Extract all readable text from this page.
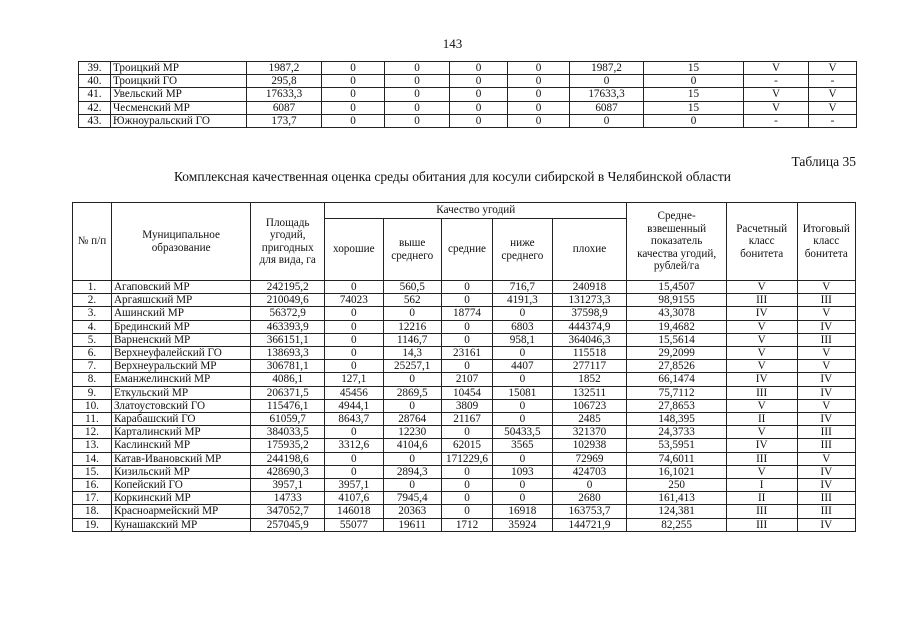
143
39.	Троицкий МР	1987,2	0	0	0	0	1987,2	15	V	V
40.	Троицкий ГО	295,8	0	0	0	0	0	0	-	-
41.	Увельский МР	17633,3	0	0	0	0	17633,3	15	V	V
42.	Чесменский МР	6087	0	0	0	0	6087	15	V	V
43.	Южноуральский ГО	173,7	0	0	0	0	0	0	-	-
Таблица 35
Комплексная качественная оценка среды обитания для косули сибирской в Челябинской области
№ п/п	Муниципальное образование	Площадь угодий, пригодных для вида, га	Качество угодий					Средне-взвешенный показатель качества угодий, рублей/га	Расчетный класс бонитета	Итоговый класс бонитета
			хорошие	выше среднего	средние	ниже среднего	плохие			
1.	Агаповский МР	242195,2	0	560,5	0	716,7	240918	15,4507	V	V
2.	Аргаяшский МР	210049,6	74023	562	0	4191,3	131273,3	98,9155	III	III
3.	Ашинский МР	56372,9	0	0	18774	0	37598,9	43,3078	IV	V
4.	Брединский МР	463393,9	0	12216	0	6803	444374,9	19,4682	V	IV
5.	Варненский МР	366151,1	0	1146,7	0	958,1	364046,3	15,5614	V	III
6.	Верхнеуфалейский ГО	138693,3	0	14,3	23161	0	115518	29,2099	V	V
7.	Верхнеуральский МР	306781,1	0	25257,1	0	4407	277117	27,8526	V	V
8.	Еманжелинский МР	4086,1	127,1	0	2107	0	1852	66,1474	IV	IV
9.	Еткульский МР	206371,5	45456	2869,5	10454	15081	132511	75,7112	III	IV
10.	Златоустовский ГО	115476,1	4944,1	0	3809	0	106723	27,8653	V	V
11.	Карабашский ГО	61059,7	8643,7	28764	21167	0	2485	148,395	II	IV
12.	Карталинский МР	384033,5	0	12230	0	50433,5	321370	24,3733	V	III
13.	Каслинский МР	175935,2	3312,6	4104,6	62015	3565	102938	53,5951	IV	III
14.	Катав-Ивановский МР	244198,6	0	0	171229,6	0	72969	74,6011	III	V
15.	Кизильский МР	428690,3	0	2894,3	0	1093	424703	16,1021	V	IV
16.	Копейский ГО	3957,1	3957,1	0	0	0	0	250	I	IV
17.	Коркинский МР	14733	4107,6	7945,4	0	0	2680	161,413	II	III
18.	Красноармейский МР	347052,7	146018	20363	0	16918	163753,7	124,381	III	III
19.	Кунашакский МР	257045,9	55077	19611	1712	35924	144721,9	82,255	III	IV
